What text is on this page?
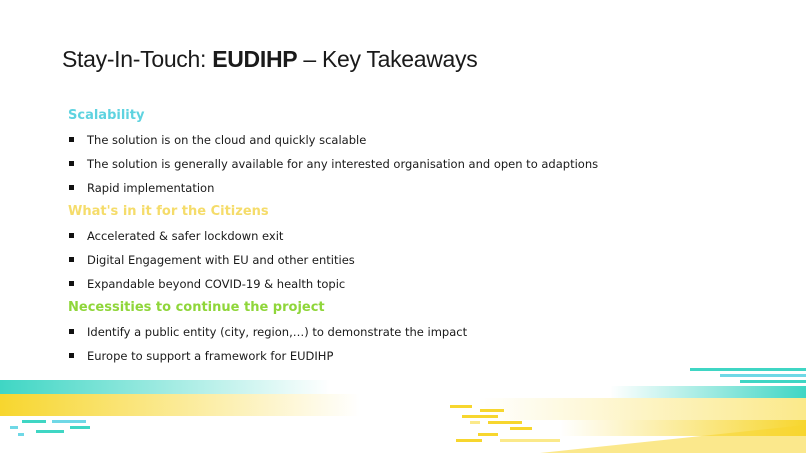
Stay-In-Touch: EUDIHP – Key Takeaways
Scalability
The solution is on the cloud and quickly scalable
The solution is generally available for any interested organisation and open to adaptions
Rapid implementation
What's in it for the Citizens
Accelerated & safer lockdown exit
Digital Engagement with EU and other entities
Expandable beyond COVID-19 & health topic
Necessities to continue the project
Identify a public entity (city, region,…) to demonstrate the impact
Europe to support a framework for EUDIHP
